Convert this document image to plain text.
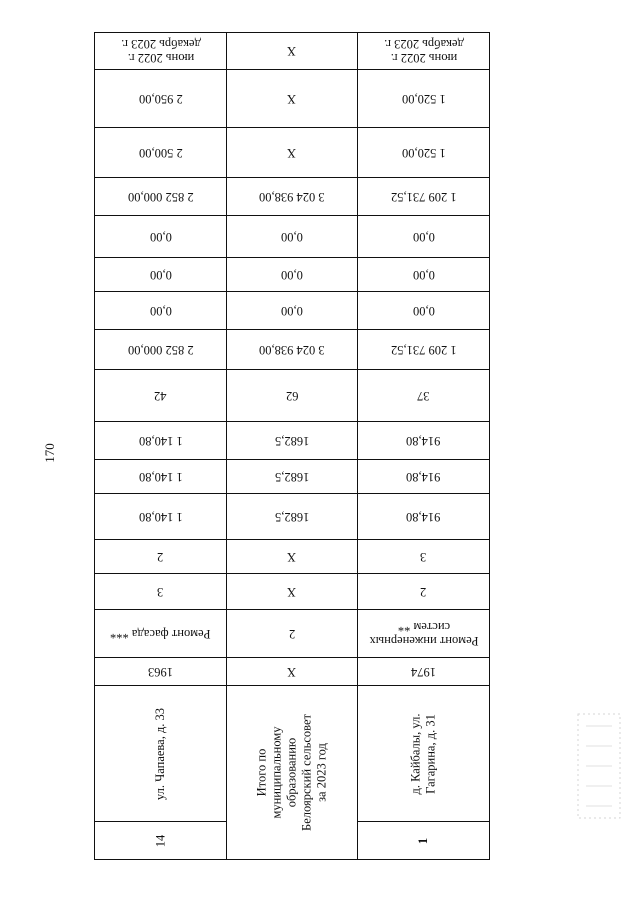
170
июнь 2022 г. декабрь 2023 г.
2 950,00
2 500,00
2 852 000,00
0,00
0,00
0,00
2 852 000,00
42
1 140,80
1 140,80
1 140,80
2
3
Ремонт фасада ***
1963
ул. Чапаева, д. 33
14
Х
Х
Х
3 024 938,00
0,00
0,00
0,00
3 024 938,00
62
1682,5
1682,5
1682,5
Х
Х
2
Х
Итого по муниципальному образованию Белоярский сельсовет за 2023 год
июнь 2022 г. декабрь 2023 г.
1 520,00
1 520,00
1 209 731,52
0,00
0,00
0,00
1 209 731,52
37
914,80
914,80
914,80
3
2
Ремонт инженерных систем **
1974
д. Кайбалы, ул. Гагарина, д. 31
1
